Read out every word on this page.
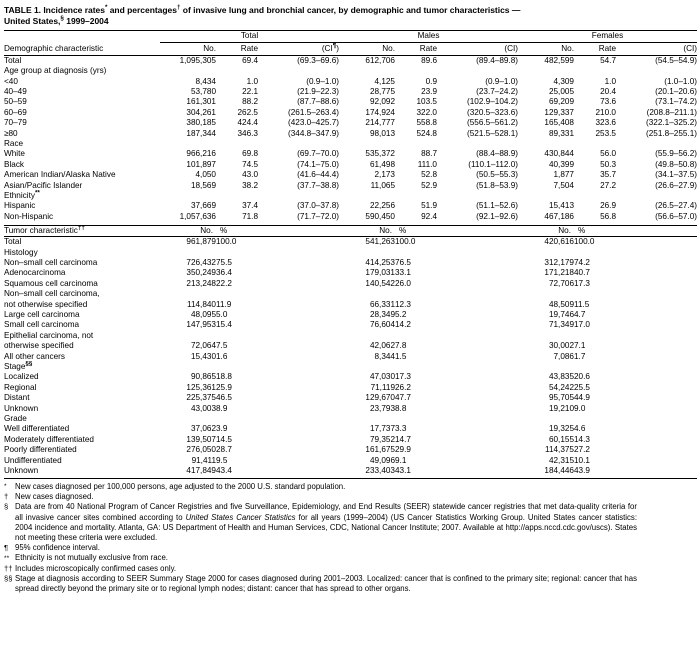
TABLE 1. Incidence rates* and percentages† of invasive lung and bronchial cancer, by demographic and tumor characteristics —
United States,§ 1999–2004

	Total			Males			Females		

Demographic characteristic	No.	Rate	(CI¶)	No.	Rate	(CI)	No.	Rate	(CI)
Total	1,095,305	69.4	(69.3–69.6)	612,706	89.6	(89.4–89.8)	482,599	54.7	(54.5–54.9)
Age group at diagnosis (yrs)									
<40	8,434	1.0	(0.9–1.0)	4,125	0.9	(0.9–1.0)	4,309	1.0	(1.0–1.0)
40–49	53,780	22.1	(21.9–22.3)	28,775	23.9	(23.7–24.2)	25,005	20.4	(20.1–20.6)
50–59	161,301	88.2	(87.7–88.6)	92,092	103.5	(102.9–104.2)	69,209	73.6	(73.1–74.2)
60–69	304,261	262.5	(261.5–263.4)	174,924	322.0	(320.5–323.6)	129,337	210.0	(208.8–211.1)
70–79	380,185	424.4	(423.0–425.7)	214,777	558.8	(556.5–561.2)	165,408	323.6	(322.1–325.2)
≥80	187,344	346.3	(344.8–347.9)	98,013	524.8	(521.5–528.1)	89,331	253.5	(251.8–255.1)
Race									
White	966,216	69.8	(69.7–70.0)	535,372	88.7	(88.4–88.9)	430,844	56.0	(55.9–56.2)
Black	101,897	74.5	(74.1–75.0)	61,498	111.0	(110.1–112.0)	40,399	50.3	(49.8–50.8)
American Indian/Alaska Native	4,050	43.0	(41.6–44.4)	2,173	52.8	(50.5–55.3)	1,877	35.7	(34.1–37.5)
Asian/Pacific Islander	18,569	38.2	(37.7–38.8)	11,065	52.9	(51.8–53.9)	7,504	27.2	(26.6–27.9)
Ethnicity**
Hispanic	37,669	37.4	(37.0–37.8)	22,256	51.9	(51.1–52.6)	15,413	26.9	(26.5–27.4)
Non-Hispanic	1,057,636	71.8	(71.7–72.0)	590,450	92.4	(92.1–92.6)	467,186	56.8	(56.6–57.0)

Tumor characteristic††	No.	%		No.	%		No.	%	
Total	961,879	100.0		541,263	100.0		420,616	100.0	
Histology									
Non–small cell carcinoma	726,432	75.5		414,253	76.5		312,179	74.2	
Adenocarcinoma	350,249	36.4		179,031	33.1		171,218	40.7	
Squamous cell carcinoma	213,248	22.2		140,542	26.0		72,706	17.3	
Non–small cell carcinoma,									
not otherwise specified	114,840	11.9		66,331	12.3		48,509	11.5	
Large cell carcinoma	48,095	5.0		28,349	5.2		19,746	4.7	
Small cell carcinoma	147,953	15.4		76,604	14.2		71,349	17.0	
Epithelial carcinoma, not									
otherwise specified	72,064	7.5		42,062	7.8		30,002	7.1	
All other cancers	15,430	1.6		8,344	1.5		7,086	1.7	
Stage§§
Localized	90,865	18.8		47,030	17.3		43,835	20.6	
Regional	125,361	25.9		71,119	26.2		54,242	25.5	
Distant	225,375	46.5		129,670	47.7		95,705	44.9	
Unknown	43,003	8.9		23,793	8.8		19,210	9.0	
Grade									
Well differentiated	37,062	3.9		17,737	3.3		19,325	4.6	
Moderately differentiated	139,507	14.5		79,352	14.7		60,155	14.3	
Poorly differentiated	276,050	28.7		161,675	29.9		114,375	27.2	
Undifferentiated	91,411	9.5		49,096	9.1		42,315	10.1	
Unknown	417,849	43.4		233,403	43.1		184,446	43.9	

*	New cases diagnosed per 100,000 persons, age adjusted to the 2000 U.S. standard population.
† New cases diagnosed.
§ Data are from 40 National Program of Cancer Registries and five Surveillance, Epidemiology, and End Results (SEER) statewide cancer registries that met data-quality criteria for all invasive cancer sites combined according to United States Cancer Statistics for all years (1999–2004) (US Cancer Statistics Working Group. United States cancer statistics: 2004 incidence and mortality. Atlanta, GA: US Department of Health and Human Services, CDC, National Cancer Institute; 2007. Available at http://apps.nccd.cdc.gov/uscs). States not meeting these criteria were excluded.
¶ 95% confidence interval.
** Ethnicity is not mutually exclusive from race.
†† Includes microscopically confirmed cases only.
§§ Stage at diagnosis according to SEER Summary Stage 2000 for cases diagnosed during 2001–2003. Localized: cancer that is confined to the primary site; regional: cancer that has spread directly beyond the primary site or to regional lymph nodes; distant: cancer that has spread to other organs.
